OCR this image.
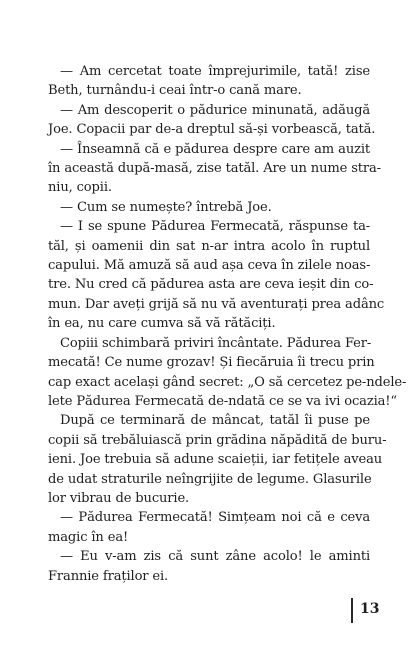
— Am cercetat toate împrejurimile, tată! zise
Beth, turnându-i ceai într-o cană mare.
— Am descoperit o pădurice minunată, adăugă
Joe. Copacii par de-a dreptul să-și vorbească, tată.
— Înseamnă că e pădurea despre care am auzit
în această după-masă, zise tatăl. Are un nume stra-
niu, copii.
— Cum se numește? întrebă Joe.
— I se spune Pădurea Fermecată, răspunse ta-
tăl, și oamenii din sat n-ar intra acolo în ruptul
capului. Mă amuză să aud așa ceva în zilele noas-
tre. Nu cred că pădurea asta are ceva ieșit din co-
mun. Dar aveți grijă să nu vă aventurați prea adânc
în ea, nu care cumva să vă rătăciți.
Copiii schimbară priviri încântate. Pădurea Fer-
mecată! Ce nume grozav! Și fiecăruia îi trecu prin
cap exact același gând secret: „O să cercetez pe-ndele-
lete Pădurea Fermecată de-ndată ce se va ivi ocazia!“
După ce terminară de mâncat, tatăl îi puse pe
copii să trebăluiască prin grădina năpădită de buru-
ieni. Joe trebuia să adune scaieții, iar fetițele aveau
de udat straturile neîngrijite de legume. Glasurile
lor vibrau de bucurie.
— Pădurea Fermecată! Simțeam noi că e ceva
magic în ea!
— Eu v-am zis că sunt zâne acolo! le aminti
Frannie fraților ei.
13
